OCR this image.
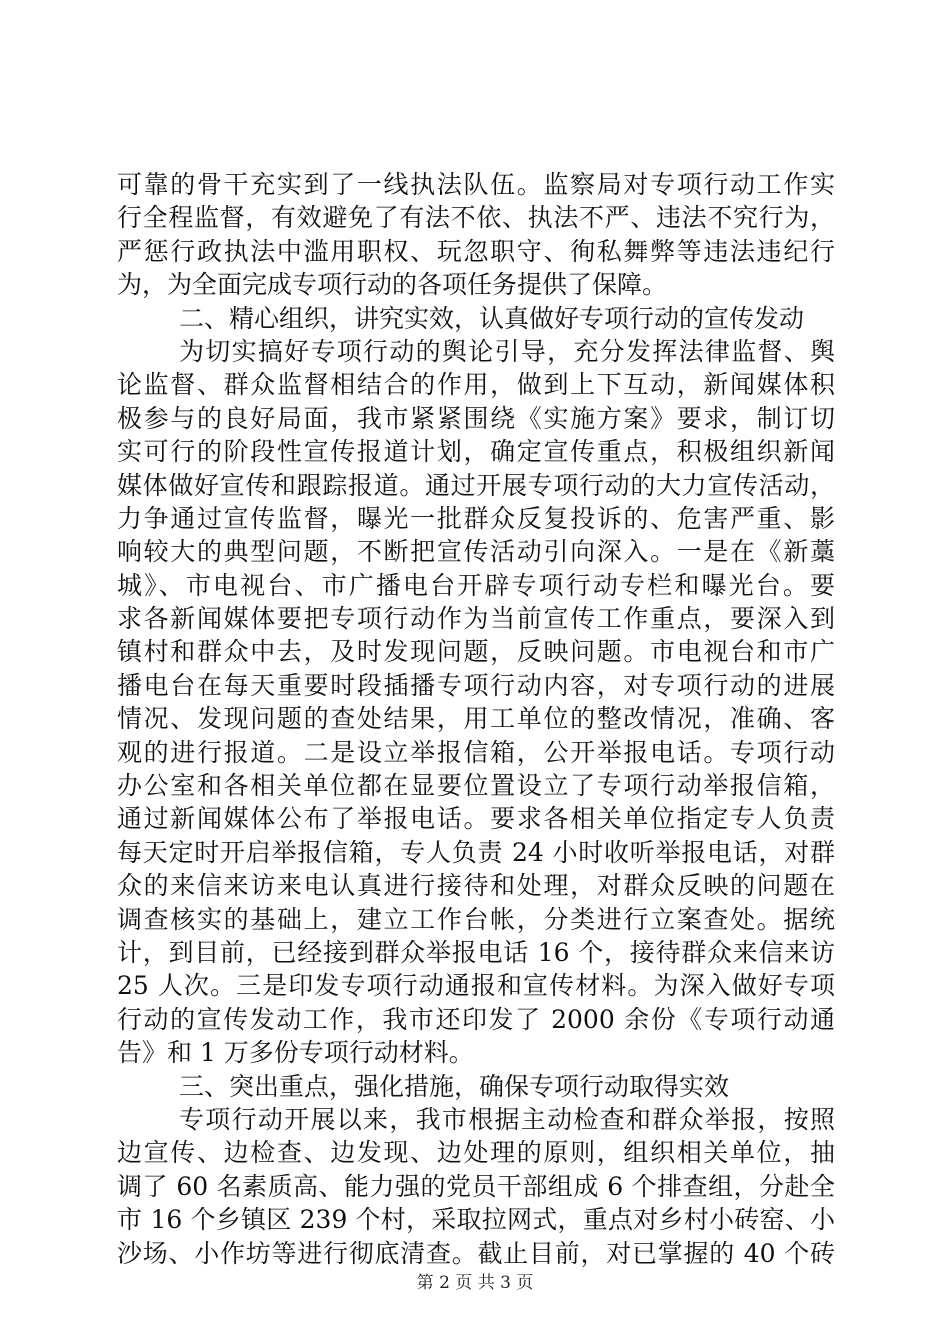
可靠的骨干充实到了一线执法队伍。监察局对专项行动工作实
行全程监督，有效避免了有法不依、执法不严、违法不究行为，
严惩行政执法中滥用职权、玩忽职守、徇私舞弊等违法违纪行
为，为全面完成专项行动的各项任务提供了保障。
二、精心组织，讲究实效，认真做好专项行动的宣传发动
为切实搞好专项行动的舆论引导，充分发挥法律监督、舆
论监督、群众监督相结合的作用，做到上下互动，新闻媒体积
极参与的良好局面，我市紧紧围绕《实施方案》要求，制订切
实可行的阶段性宣传报道计划，确定宣传重点，积极组织新闻
媒体做好宣传和跟踪报道。通过开展专项行动的大力宣传活动，
力争通过宣传监督，曝光一批群众反复投诉的、危害严重、影
响较大的典型问题，不断把宣传活动引向深入。一是在《新藁
城》、市电视台、市广播电台开辟专项行动专栏和曝光台。要
求各新闻媒体要把专项行动作为当前宣传工作重点，要深入到
镇村和群众中去，及时发现问题，反映问题。市电视台和市广
播电台在每天重要时段插播专项行动内容，对专项行动的进展
情况、发现问题的查处结果，用工单位的整改情况，准确、客
观的进行报道。二是设立举报信箱，公开举报电话。专项行动
办公室和各相关单位都在显要位置设立了专项行动举报信箱，
通过新闻媒体公布了举报电话。要求各相关单位指定专人负责
每天定时开启举报信箱，专人负责 24 小时收听举报电话，对群
众的来信来访来电认真进行接待和处理，对群众反映的问题在
调查核实的基础上，建立工作台帐，分类进行立案查处。据统
计，到目前，已经接到群众举报电话 16 个，接待群众来信来访
25 人次。三是印发专项行动通报和宣传材料。为深入做好专项
行动的宣传发动工作，我市还印发了 2000 余份《专项行动通
告》和 1 万多份专项行动材料。
三、突出重点，强化措施，确保专项行动取得实效
专项行动开展以来，我市根据主动检查和群众举报，按照
边宣传、边检查、边发现、边处理的原则，组织相关单位，抽
调了 60 名素质高、能力强的党员干部组成 6 个排查组，分赴全
市 16 个乡镇区 239 个村，采取拉网式，重点对乡村小砖窑、小
沙场、小作坊等进行彻底清查。截止目前，对已掌握的 40 个砖
第 2 页 共 3 页
